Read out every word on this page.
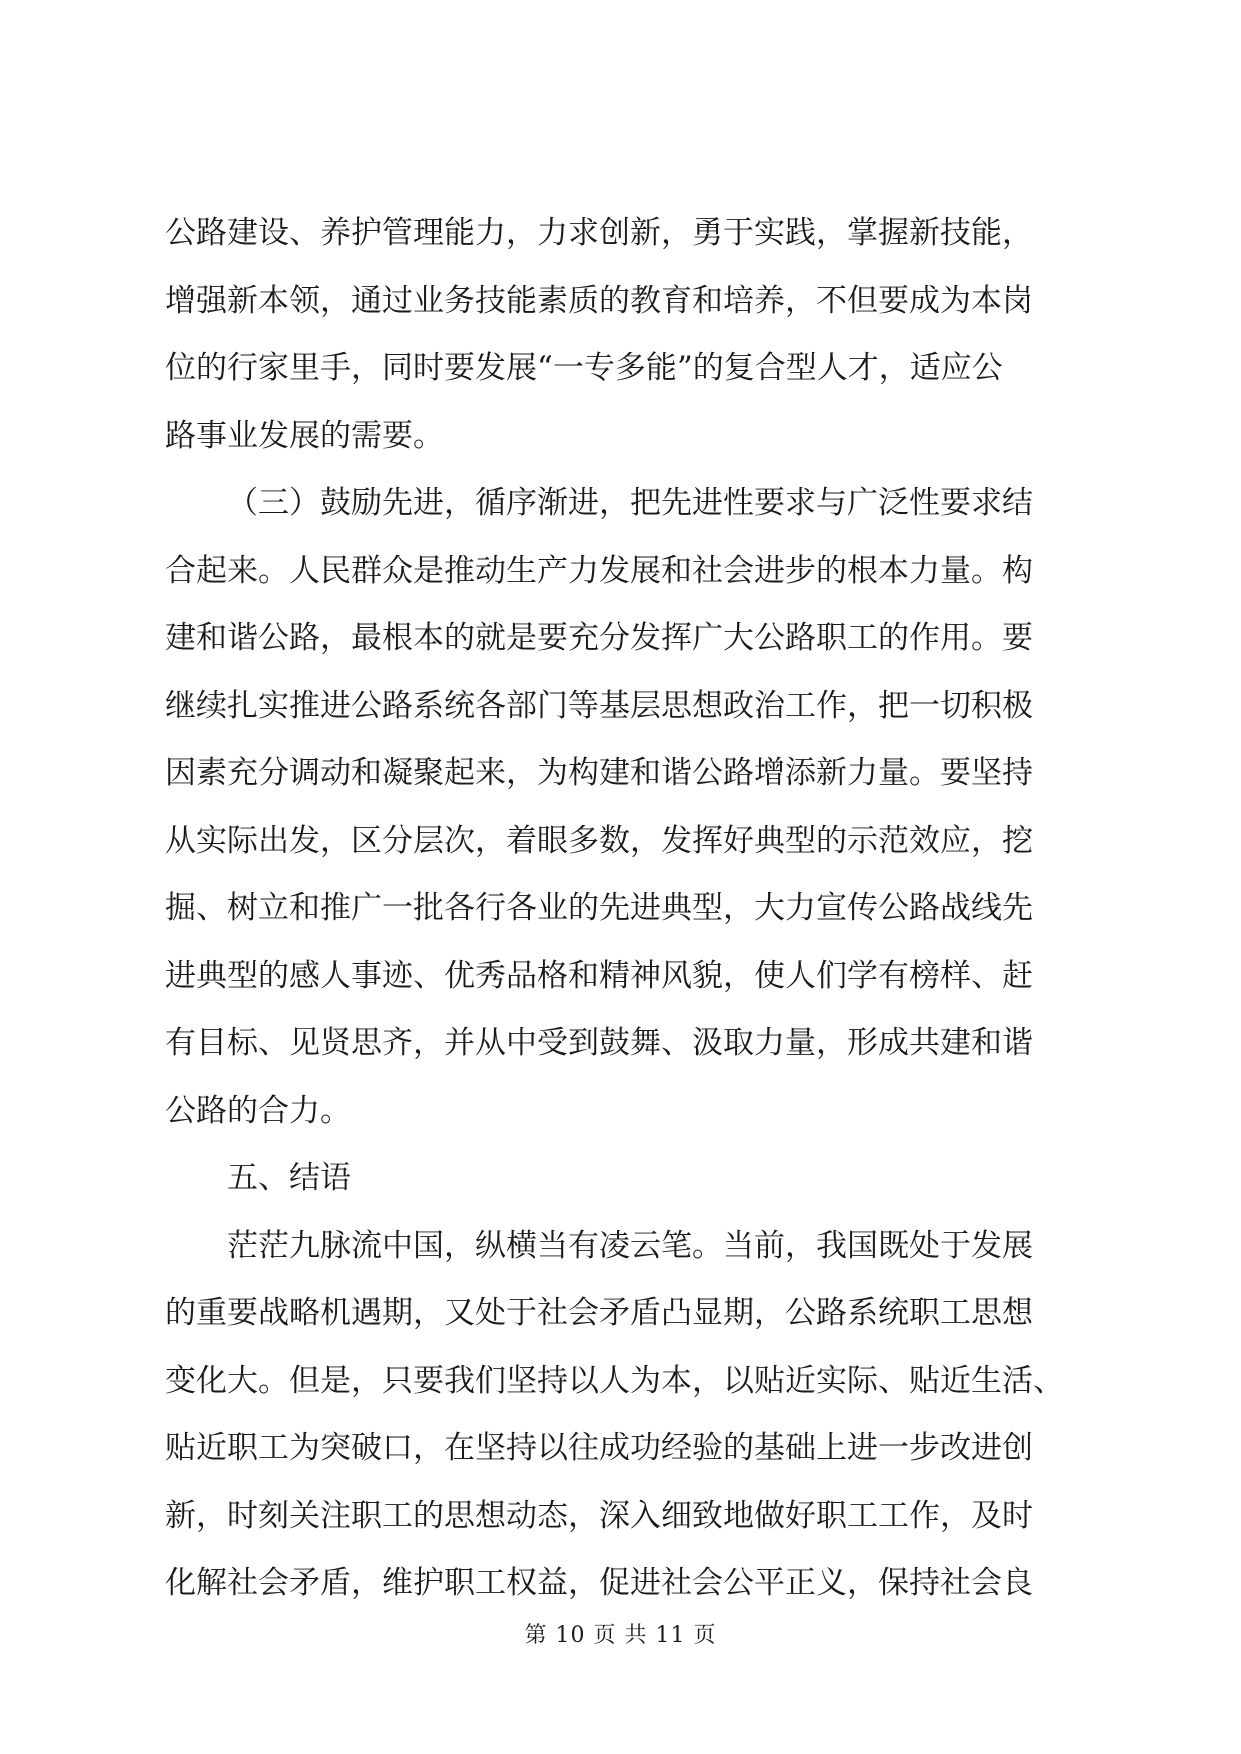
公路建设、养护管理能力，力求创新，勇于实践，掌握新技能，
增强新本领，通过业务技能素质的教育和培养，不但要成为本岗
位的行家里手，同时要发展“一专多能”的复合型人才，适应公
路事业发展的需要。
（三）鼓励先进，循序渐进，把先进性要求与广泛性要求结
合起来。人民群众是推动生产力发展和社会进步的根本力量。构
建和谐公路，最根本的就是要充分发挥广大公路职工的作用。要
继续扎实推进公路系统各部门等基层思想政治工作，把一切积极
因素充分调动和凝聚起来，为构建和谐公路增添新力量。要坚持
从实际出发，区分层次，着眼多数，发挥好典型的示范效应，挖
掘、树立和推广一批各行各业的先进典型，大力宣传公路战线先
进典型的感人事迹、优秀品格和精神风貌，使人们学有榜样、赶
有目标、见贤思齐，并从中受到鼓舞、汲取力量，形成共建和谐
公路的合力。
五、结语
茫茫九脉流中国，纵横当有凌云笔。当前，我国既处于发展
的重要战略机遇期，又处于社会矛盾凸显期，公路系统职工思想
变化大。但是，只要我们坚持以人为本，以贴近实际、贴近生活、
贴近职工为突破口，在坚持以往成功经验的基础上进一步改进创
新，时刻关注职工的思想动态，深入细致地做好职工工作，及时
化解社会矛盾，维护职工权益，促进社会公平正义，保持社会良
第 10 页 共 11 页
